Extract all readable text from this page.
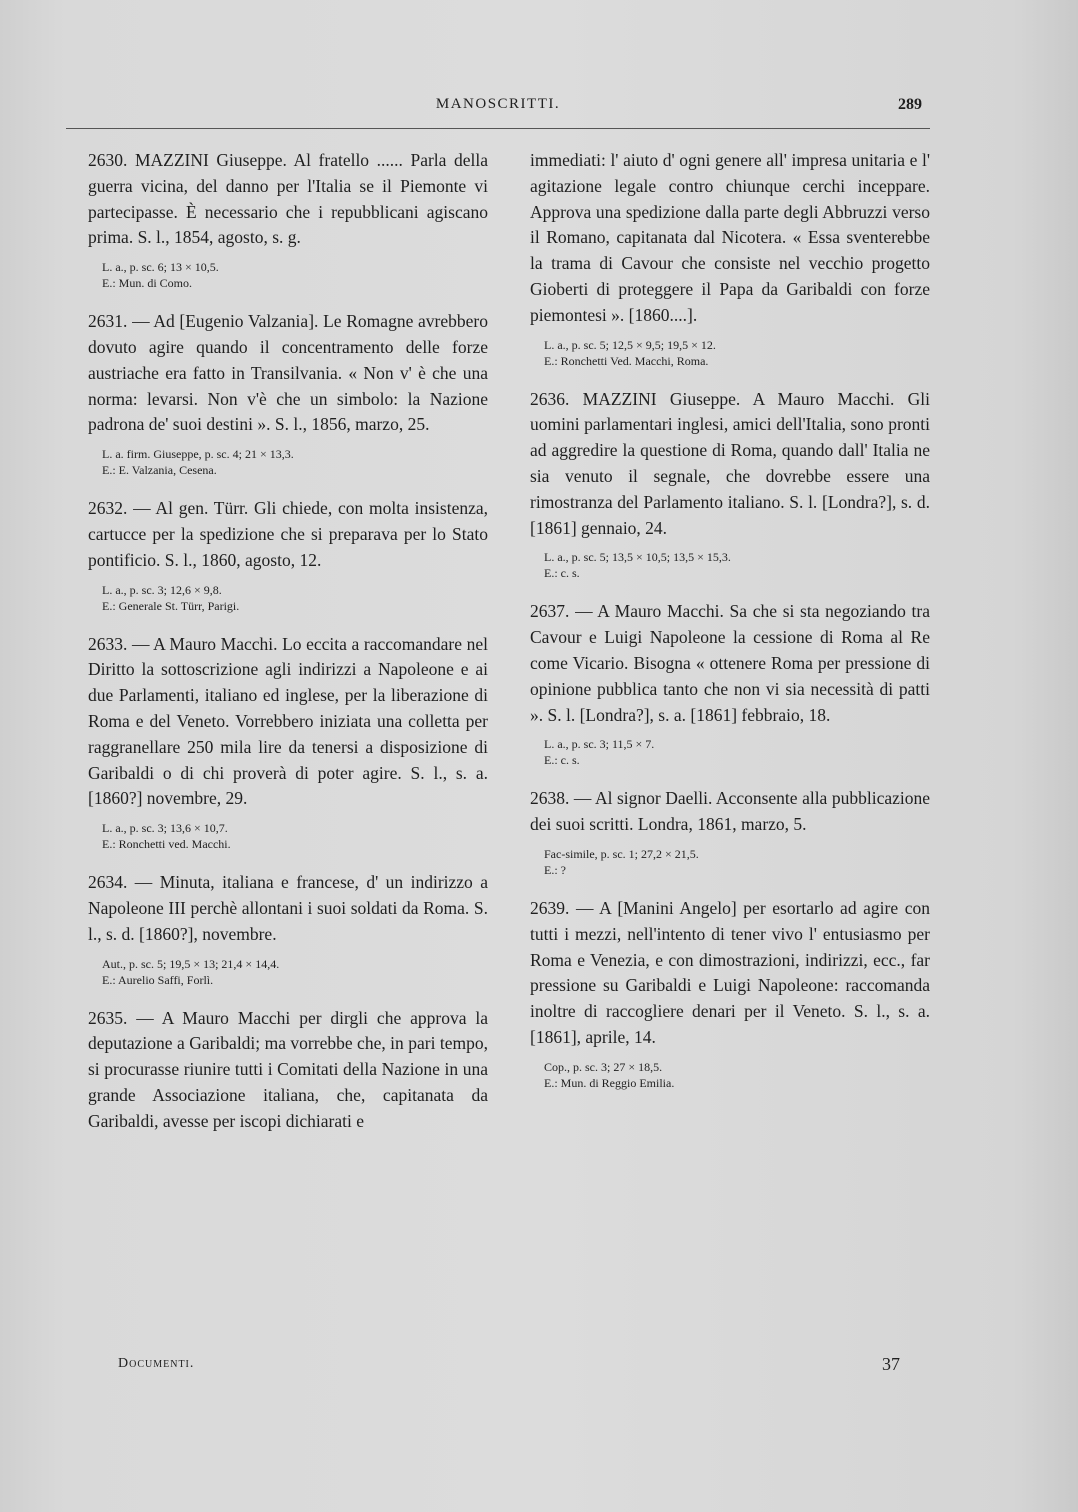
MANOSCRITTI.	289

2630. MAZZINI Giuseppe. Al fratello ...... Parla della guerra vicina, del danno per l'Italia se il Piemonte vi partecipasse. È necessario che i repubblicani agiscano prima. S. l., 1854, agosto, s. g.

L. a., p. sc. 6; 13 × 10,5.
E.: Mun. di Como.

2631. — Ad [Eugenio Valzania]. Le Romagne avrebbero dovuto agire quando il concentramento delle forze austriache era fatto in Transilvania. « Non v' è che una norma: levarsi. Non v'è che un simbolo: la Nazione padrona de' suoi destini ». S. l., 1856, marzo, 25.

L. a. firm. Giuseppe, p. sc. 4; 21 × 13,3.
E.: E. Valzania, Cesena.

2632. — Al gen. Türr. Gli chiede, con molta insistenza, cartucce per la spedizione che si preparava per lo Stato pontificio. S. l., 1860, agosto, 12.

L. a., p. sc. 3; 12,6 × 9,8.
E.: Generale St. Türr, Parigi.

2633. — A Mauro Macchi. Lo eccita a raccomandare nel Diritto la sottoscrizione agli indirizzi a Napoleone e ai due Parlamenti, italiano ed inglese, per la liberazione di Roma e del Veneto. Vorrebbero iniziata una colletta per raggranellare 250 mila lire da tenersi a disposizione di Garibaldi o di chi proverà di poter agire. S. l., s. a. [1860?] novembre, 29.

L. a., p. sc. 3; 13,6 × 10,7.
E.: Ronchetti ved. Macchi.

2634. — Minuta, italiana e francese, d' un indirizzo a Napoleone III perchè allontani i suoi soldati da Roma. S. l., s. d. [1860?], novembre.

Aut., p. sc. 5; 19,5 × 13; 21,4 × 14,4.
E.: Aurelio Saffi, Forlì.

2635. — A Mauro Macchi per dirgli che approva la deputazione a Garibaldi; ma vorrebbe che, in pari tempo, si procurasse riunire tutti i Comitati della Nazione in una grande Associazione italiana, che, capitanata da Garibaldi, avesse per iscopi dichiarati e

immediati: l' aiuto d' ogni genere all' impresa unitaria e l' agitazione legale contro chiunque cerchi inceppare. Approva una spedizione dalla parte degli Abbruzzi verso il Romano, capitanata dal Nicotera. « Essa sventerebbe la trama di Cavour che consiste nel vecchio progetto Gioberti di proteggere il Papa da Garibaldi con forze piemontesi ». [1860....].

L. a., p. sc. 5; 12,5 × 9,5; 19,5 × 12.
E.: Ronchetti Ved. Macchi, Roma.

2636. MAZZINI Giuseppe. A Mauro Macchi. Gli uomini parlamentari inglesi, amici dell'Italia, sono pronti ad aggredire la questione di Roma, quando dall' Italia ne sia venuto il segnale, che dovrebbe essere una rimostranza del Parlamento italiano. S. l. [Londra?], s. d. [1861] gennaio, 24.

L. a., p. sc. 5; 13,5 × 10,5; 13,5 × 15,3.
E.: c. s.

2637. — A Mauro Macchi. Sa che si sta negoziando tra Cavour e Luigi Napoleone la cessione di Roma al Re come Vicario. Bisogna « ottenere Roma per pressione di opinione pubblica tanto che non vi sia necessità di patti ». S. l. [Londra?], s. a. [1861] febbraio, 18.

L. a., p. sc. 3; 11,5 × 7.
E.: c. s.

2638. — Al signor Daelli. Acconsente alla pubblicazione dei suoi scritti. Londra, 1861, marzo, 5.

Fac-simile, p. sc. 1; 27,2 × 21,5.
E.: ?

2639. — A [Manini Angelo] per esortarlo ad agire con tutti i mezzi, nell'intento di tener vivo l' entusiasmo per Roma e Venezia, e con dimostrazioni, indirizzi, ecc., far pressione su Garibaldi e Luigi Napoleone: raccomanda inoltre di raccogliere denari per il Veneto. S. l., s. a. [1861], aprile, 14.

Cop., p. sc. 3; 27 × 18,5.
E.: Mun. di Reggio Emilia.
Documenti.	37
